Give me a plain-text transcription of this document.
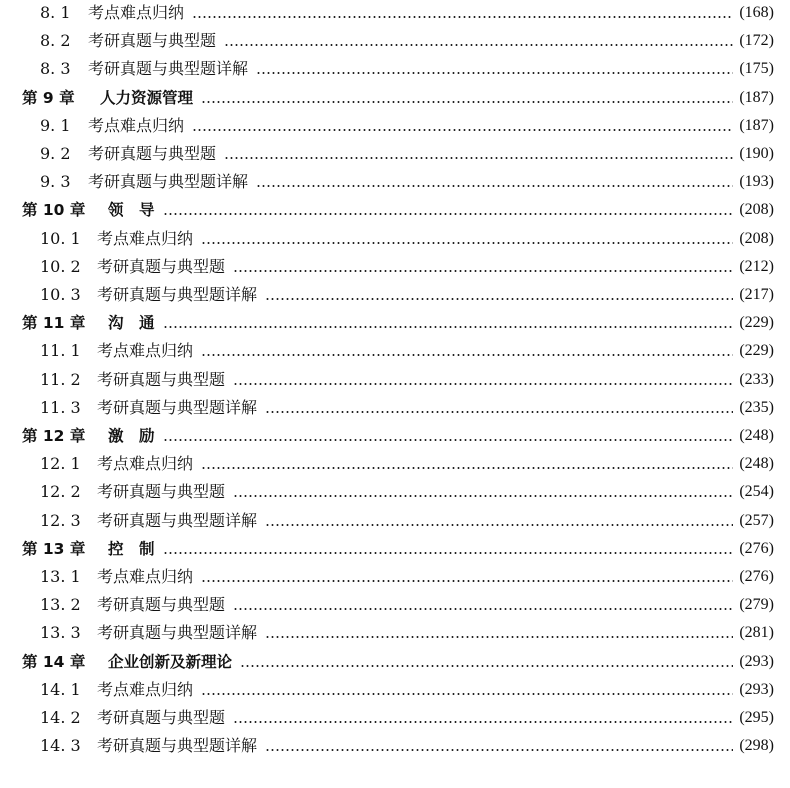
8. 1 考点难点归纳	(168)
8. 2 考研真题与典型题	(172)
8. 3 考研真题与典型题详解	(175)
第 9 章 人力资源管理	(187)
9. 1 考点难点归纳	(187)
9. 2 考研真题与典型题	(190)
9. 3 考研真题与典型题详解	(193)
第 10 章 领　导	(208)
10. 1 考点难点归纳	(208)
10. 2 考研真题与典型题	(212)
10. 3 考研真题与典型题详解	(217)
第 11 章 沟　通	(229)
11. 1 考点难点归纳	(229)
11. 2 考研真题与典型题	(233)
11. 3 考研真题与典型题详解	(235)
第 12 章 激　励	(248)
12. 1 考点难点归纳	(248)
12. 2 考研真题与典型题	(254)
12. 3 考研真题与典型题详解	(257)
第 13 章 控　制	(276)
13. 1 考点难点归纳	(276)
13. 2 考研真题与典型题	(279)
13. 3 考研真题与典型题详解	(281)
第 14 章 企业创新及新理论	(293)
14. 1 考点难点归纳	(293)
14. 2 考研真题与典型题	(295)
14. 3 考研真题与典型题详解	(298)
